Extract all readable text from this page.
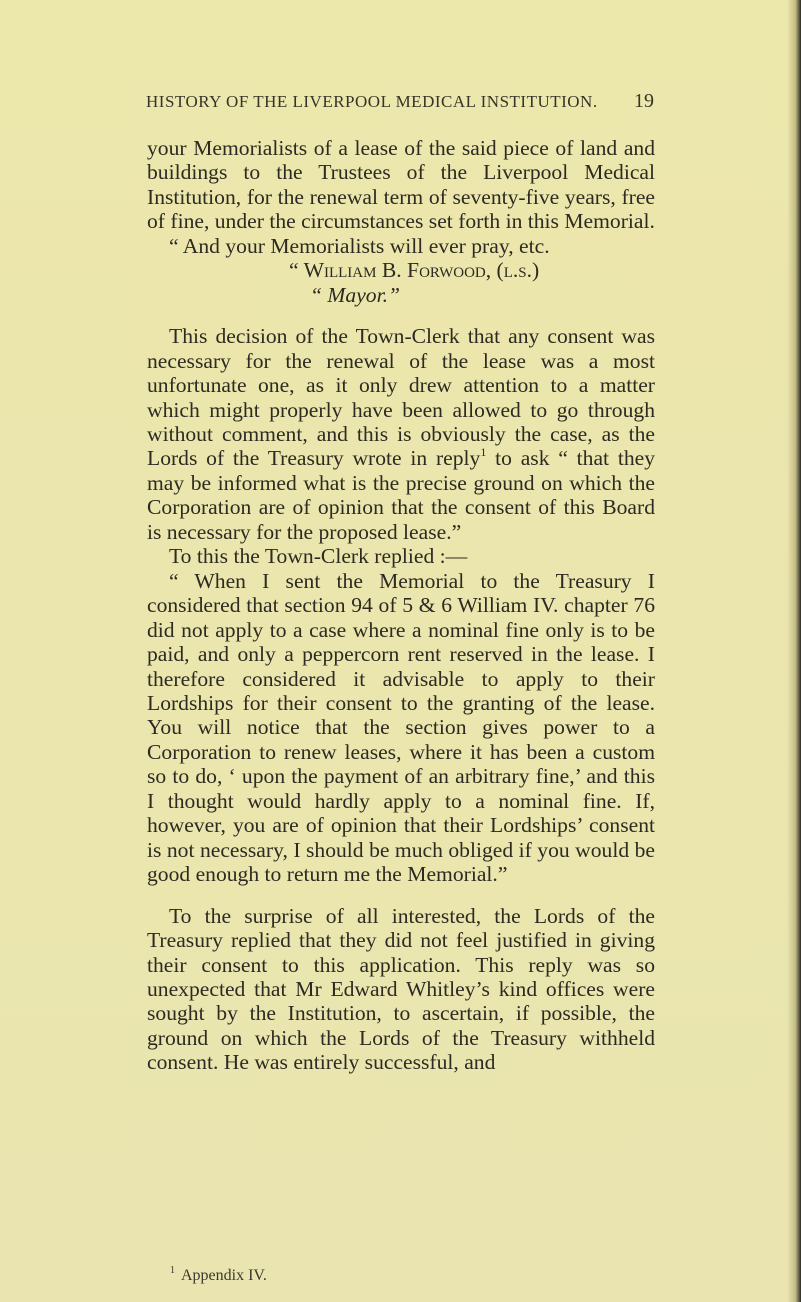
HISTORY OF THE LIVERPOOL MEDICAL INSTITUTION. 19

your Memorialists of a lease of the said piece of land and buildings to the Trustees of the Liverpool Medical Institution, for the renewal term of seventy-five years, free of fine, under the circumstances set forth in this Memorial.

“ And your Memorialists will ever pray, etc.

“ William B. Forwood, (l.s.)

“ Mayor.”

This decision of the Town-Clerk that any consent was necessary for the renewal of the lease was a most unfortunate one, as it only drew attention to a matter which might properly have been allowed to go through without comment, and this is obviously the case, as the Lords of the Treasury wrote in reply$^1$ to ask “ that they may be informed what is the precise ground on which the Corporation are of opinion that the consent of this Board is necessary for the proposed lease.”

To this the Town-Clerk replied :—

“ When I sent the Memorial to the Treasury I considered that section 94 of 5 & 6 William IV. chapter 76 did not apply to a case where a nominal fine only is to be paid, and only a peppercorn rent reserved in the lease. I therefore considered it advisable to apply to their Lordships for their consent to the granting of the lease. You will notice that the section gives power to a Corporation to renew leases, where it has been a custom so to do, ‘ upon the payment of an arbitrary fine,’ and this I thought would hardly apply to a nominal fine. If, however, you are of opinion that their Lordships’ consent is not necessary, I should be much obliged if you would be good enough to return me the Memorial.”

To the surprise of all interested, the Lords of the Treasury replied that they did not feel justified in giving their consent to this application. This reply was so unexpected that Mr Edward Whitley’s kind offices were sought by the Institution, to ascertain, if possible, the ground on which the Lords of the Treasury withheld consent. He was entirely successful, and

$^1$ Appendix IV.
